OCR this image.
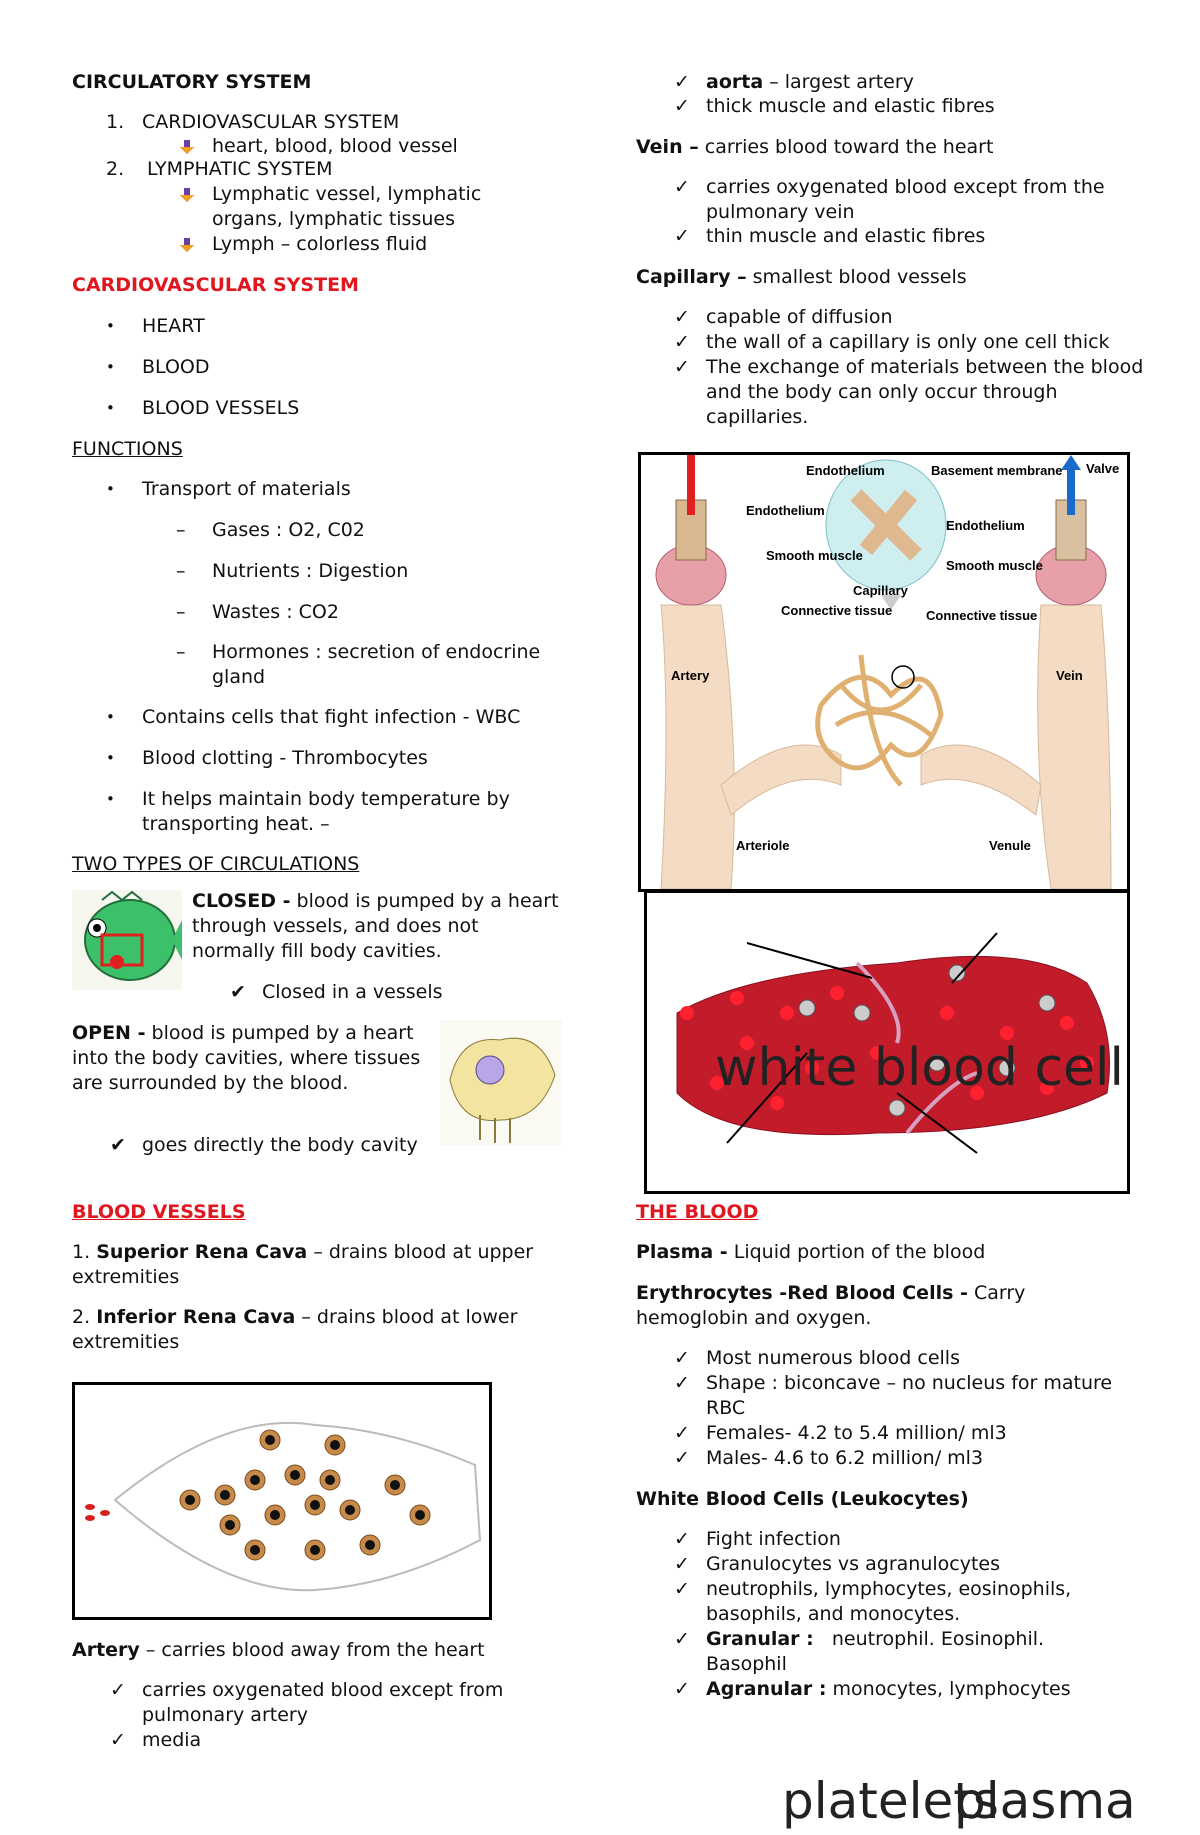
CIRCULATORY SYSTEM
1. CARDIOVASCULAR SYSTEM
heart, blood, blood vessel
2. LYMPHATIC SYSTEM
Lymphatic vessel, lymphatic organs, lymphatic tissues
Lymph – colorless fluid
CARDIOVASCULAR SYSTEM
• HEART
• BLOOD
• BLOOD VESSELS
FUNCTIONS
• Transport of materials
– Gases : O2, C02
– Nutrients : Digestion
– Wastes : CO2
– Hormones : secretion of endocrine gland
• Contains cells that fight infection - WBC
• Blood clotting - Thrombocytes
• It helps maintain body temperature by transporting heat. –
TWO TYPES OF CIRCULATIONS
CLOSED - blood is pumped by a heart through vessels, and does not normally fill body cavities.
✔ Closed in a vessels
OPEN - blood is pumped by a heart into the body cavities, where tissues are surrounded by the blood.
✔ goes directly the body cavity
BLOOD VESSELS
1. Superior Rena Cava – drains blood at upper extremities
2. Inferior Rena Cava – drains blood at lower extremities
Artery – carries blood away from the heart
✓ carries oxygenated blood except from pulmonary artery
✓ media
✓ aorta – largest artery
✓ thick muscle and elastic fibres
Vein – carries blood toward the heart
✓ carries oxygenated blood except from the pulmonary vein
✓ thin muscle and elastic fibres
Capillary – smallest blood vessels
✓ capable of diffusion
✓ the wall of a capillary is only one cell thick
✓ The exchange of materials between the blood and the body can only occur through capillaries.
Endothelium	Basement membrane Valve
Endothelium
Endothelium
Smooth muscle
Smooth muscle
Capillary
Connective tissue	Connective tissue
Artery	Vein
Arteriole	Venule
white blood cell
THE BLOOD
Plasma - Liquid portion of the blood
Erythrocytes -Red Blood Cells - Carry hemoglobin and oxygen.
✓ Most numerous blood cells
✓ Shape : biconcave – no nucleus for mature RBC
✓ Females- 4.2 to 5.4 million/ ml3
✓ Males- 4.6 to 6.2 million/ ml3
White Blood Cells (Leukocytes)
✓ Fight infection
✓ Granulocytes vs agranulocytes
✓ neutrophils, lymphocytes, eosinophils, basophils, and monocytes.
✓ Granular : neutrophil. Eosinophil. Basophil
✓ Agranular : monocytes, lymphocytes
platelets
plasma
